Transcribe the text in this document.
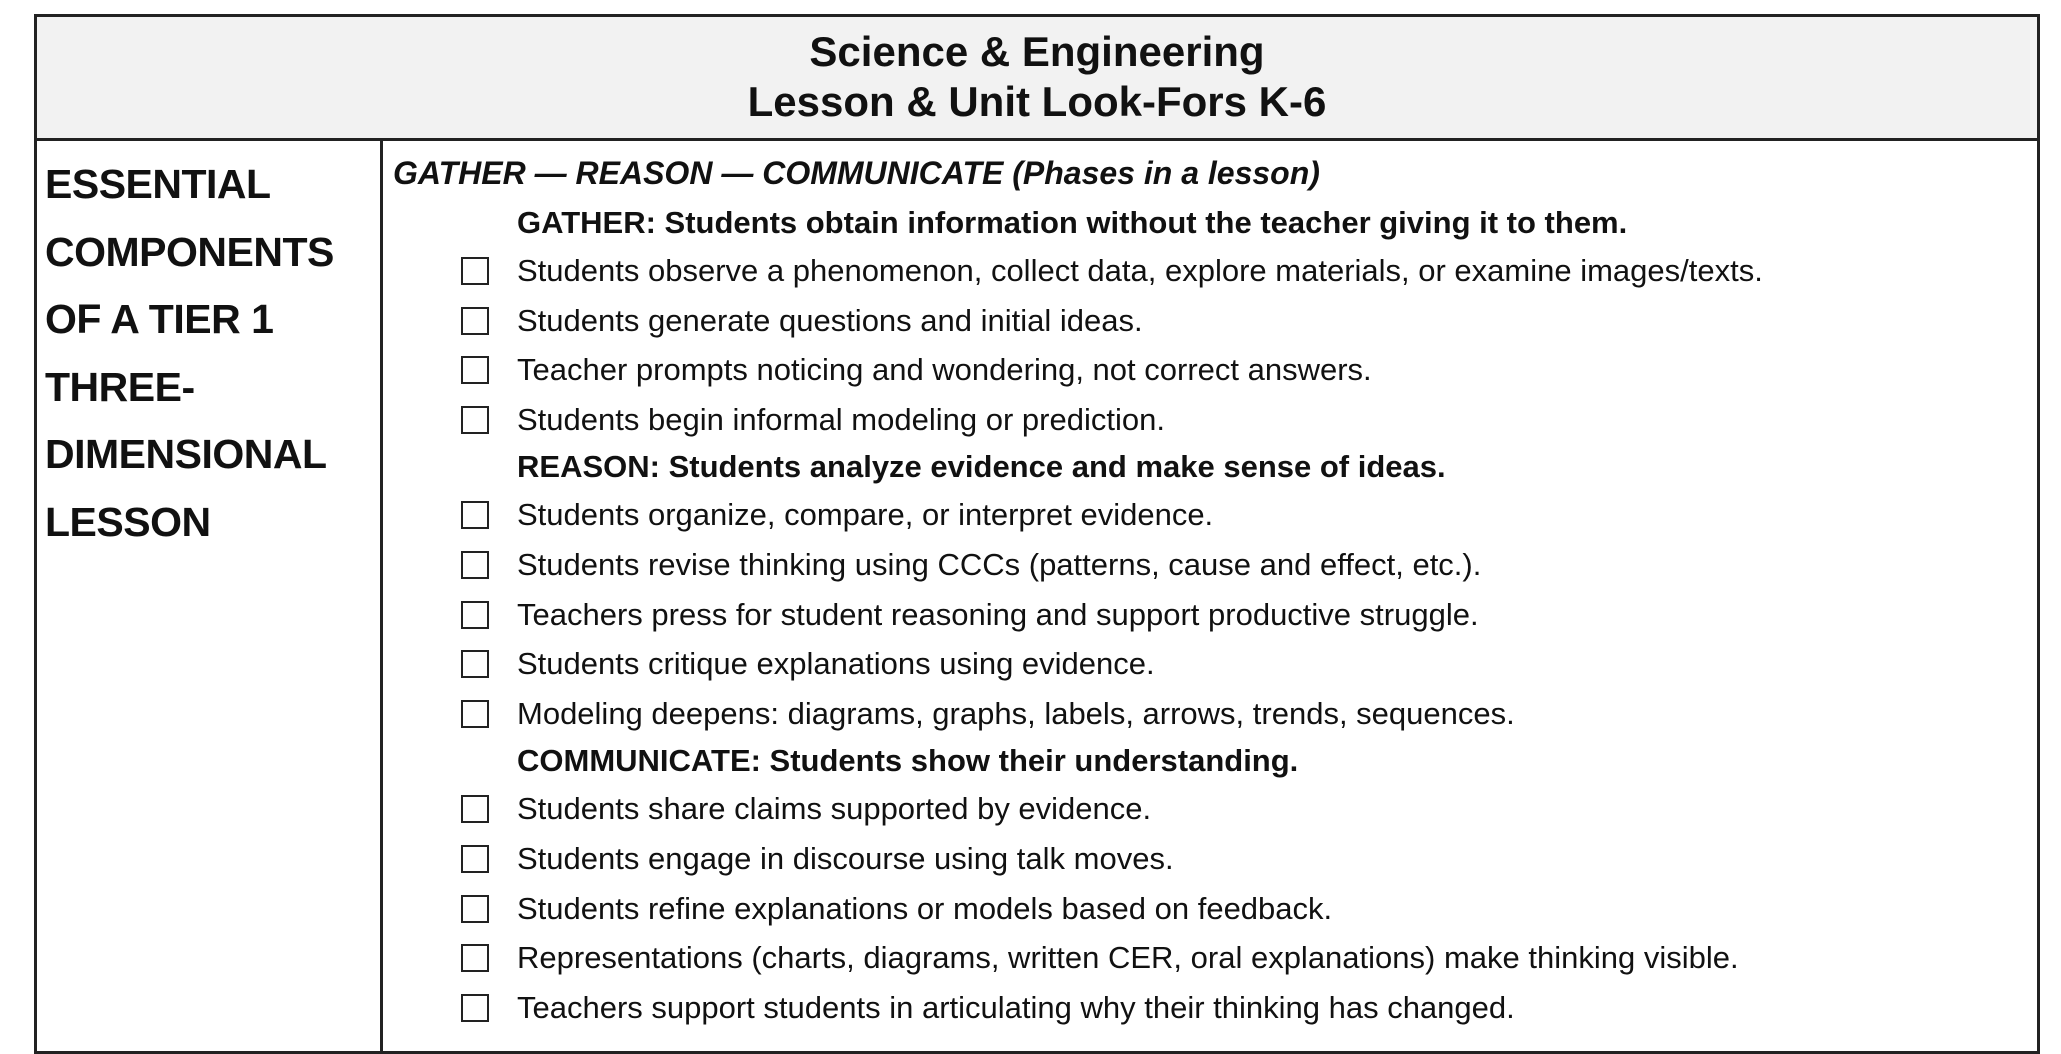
Science & Engineering
Lesson & Unit Look-Fors K-6
ESSENTIAL
COMPONENTS
OF A TIER 1
THREE-
DIMENSIONAL
LESSON
GATHER — REASON — COMMUNICATE (Phases in a lesson)
GATHER: Students obtain information without the teacher giving it to them.
Students observe a phenomenon, collect data, explore materials, or examine images/texts.
Students generate questions and initial ideas.
Teacher prompts noticing and wondering, not correct answers.
Students begin informal modeling or prediction.
REASON: Students analyze evidence and make sense of ideas.
Students organize, compare, or interpret evidence.
Students revise thinking using CCCs (patterns, cause and effect, etc.).
Teachers press for student reasoning and support productive struggle.
Students critique explanations using evidence.
Modeling deepens: diagrams, graphs, labels, arrows, trends, sequences.
COMMUNICATE: Students show their understanding.
Students share claims supported by evidence.
Students engage in discourse using talk moves.
Students refine explanations or models based on feedback.
Representations (charts, diagrams, written CER, oral explanations) make thinking visible.
Teachers support students in articulating why their thinking has changed.
